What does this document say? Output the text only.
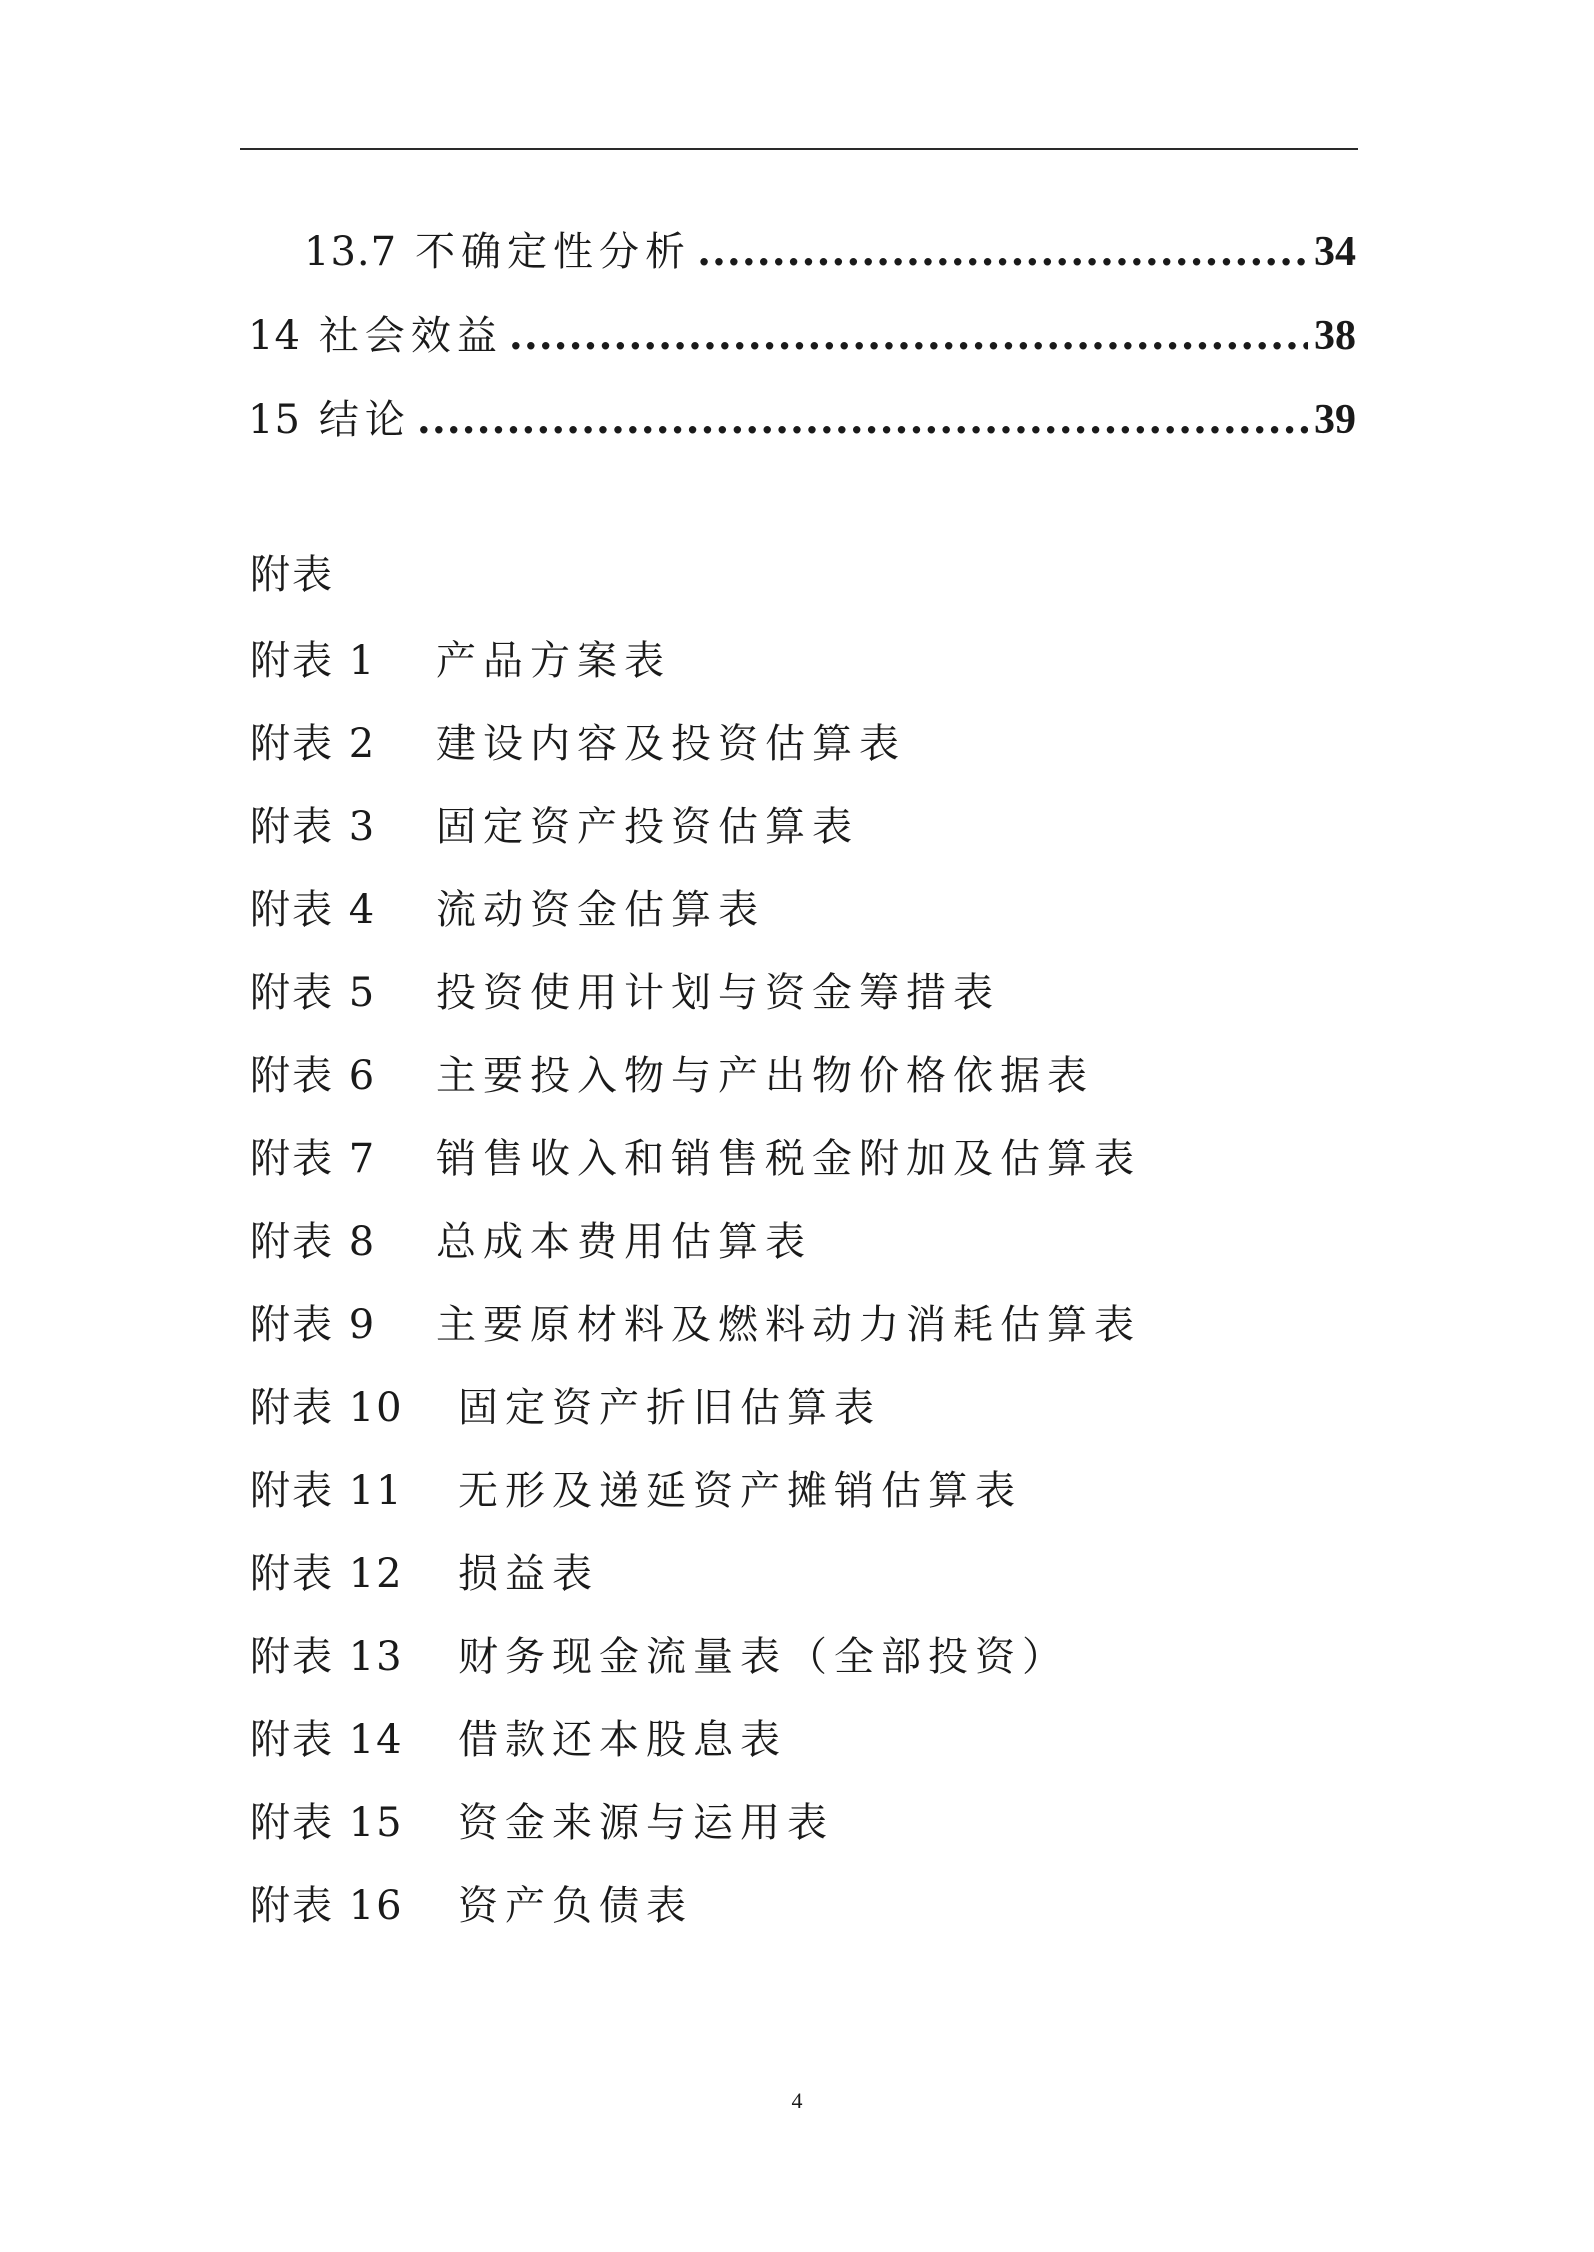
13.7 不确定性分析 .....	34
14 社会效益 .....	38
15 结论 .....	39
附表
附表 1	产品方案表
附表 2	建设内容及投资估算表
附表 3	固定资产投资估算表
附表 4	流动资金估算表
附表 5	投资使用计划与资金筹措表
附表 6	主要投入物与产出物价格依据表
附表 7	销售收入和销售税金附加及估算表
附表 8	总成本费用估算表
附表 9	主要原材料及燃料动力消耗估算表
附表 10	固定资产折旧估算表
附表 11	无形及递延资产摊销估算表
附表 12	损益表
附表 13	财务现金流量表（全部投资）
附表 14	借款还本股息表
附表 15	资金来源与运用表
附表 16	资产负债表
4
